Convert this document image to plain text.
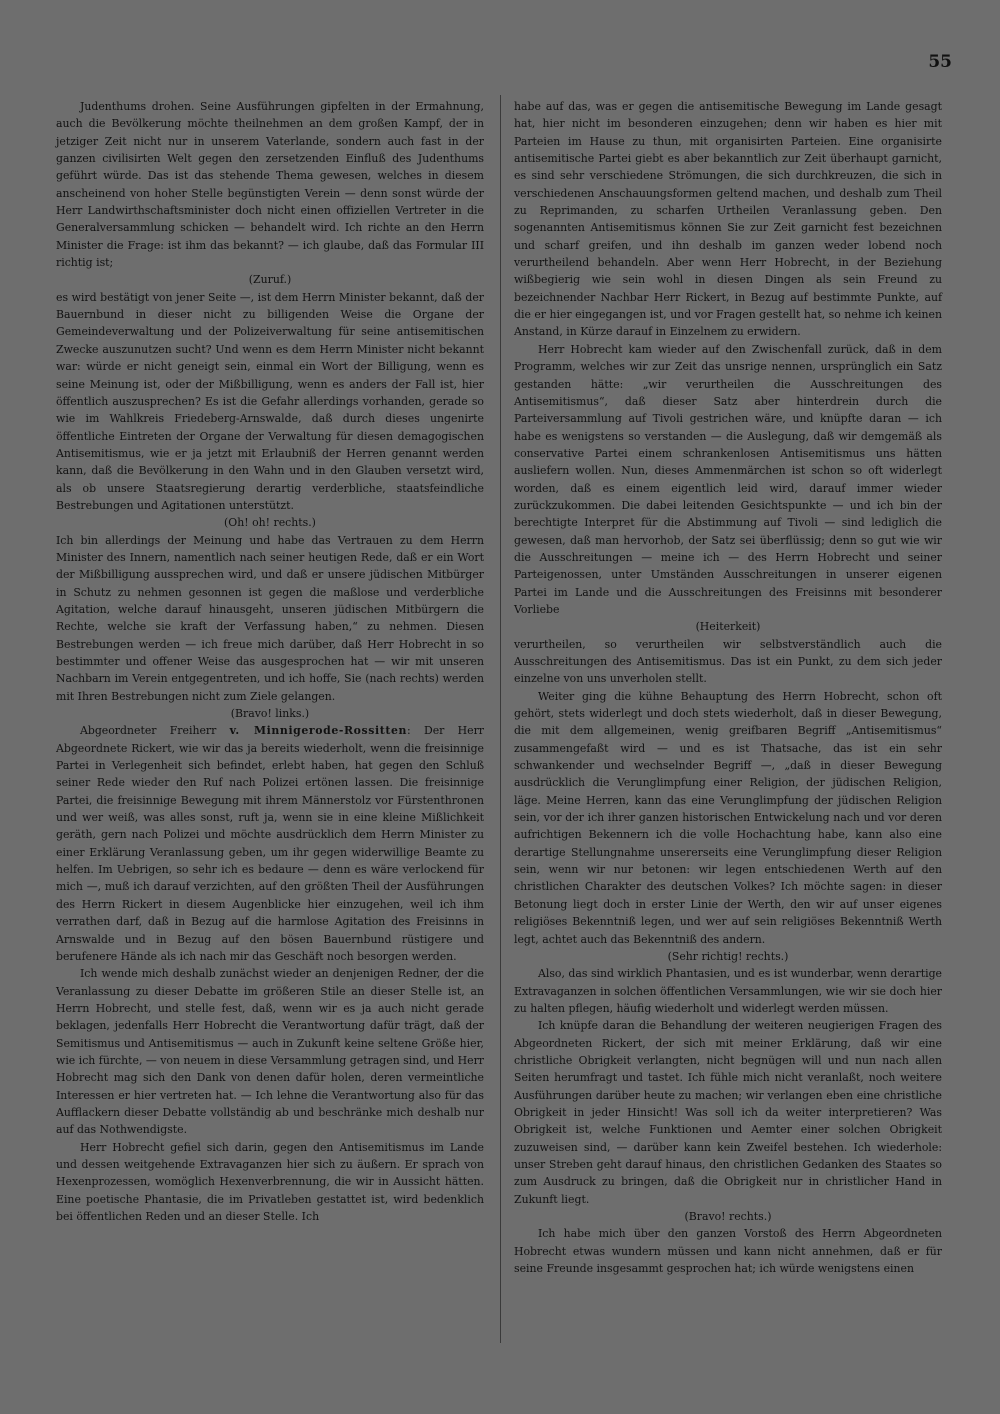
55

Judenthums drohen. Seine Ausführungen gipfelten in der Ermahnung, auch die Bevölkerung möchte theilnehmen an dem großen Kampf, der in jetziger Zeit nicht nur in unserem Vaterlande, sondern auch fast in der ganzen civilisirten Welt gegen den zersetzenden Einfluß des Judenthums geführt würde. Das ist das stehende Thema gewesen, welches in diesem anscheinend von hoher Stelle begünstigten Verein — denn sonst würde der Herr Landwirthschaftsminister doch nicht einen offiziellen Vertreter in die Generalversammlung schicken — behandelt wird. Ich richte an den Herrn Minister die Frage: ist ihm das bekannt? — ich glaube, daß das Formular III richtig ist;

(Zuruf.)

es wird bestätigt von jener Seite —, ist dem Herrn Minister bekannt, daß der Bauernbund in dieser nicht zu billigenden Weise die Organe der Gemeindeverwaltung und der Polizeiverwaltung für seine antisemitischen Zwecke auszunutzen sucht? Und wenn es dem Herrn Minister nicht bekannt war: würde er nicht geneigt sein, einmal ein Wort der Billigung, wenn es seine Meinung ist, oder der Mißbilligung, wenn es anders der Fall ist, hier öffentlich auszusprechen? Es ist die Gefahr allerdings vorhanden, gerade so wie im Wahlkreis Friedeberg-Arnswalde, daß durch dieses ungenirte öffentliche Eintreten der Organe der Verwaltung für diesen demagogischen Antisemitismus, wie er ja jetzt mit Erlaubniß der Herren genannt werden kann, daß die Bevölkerung in den Wahn und in den Glauben versetzt wird, als ob unsere Staatsregierung derartig verderbliche, staatsfeindliche Bestrebungen und Agitationen unterstützt.

(Oh! oh! rechts.)

Ich bin allerdings der Meinung und habe das Vertrauen zu dem Herrn Minister des Innern, namentlich nach seiner heutigen Rede, daß er ein Wort der Mißbilligung aussprechen wird, und daß er unsere jüdischen Mitbürger in Schutz zu nehmen gesonnen ist gegen die maßlose und verderbliche Agitation, welche darauf hinausgeht, unseren jüdischen Mitbürgern die Rechte, welche sie kraft der Verfassung haben,“ zu nehmen. Diesen Bestrebungen werden — ich freue mich darüber, daß Herr Hobrecht in so bestimmter und offener Weise das ausgesprochen hat — wir mit unseren Nachbarn im Verein entgegentreten, und ich hoffe, Sie (nach rechts) werden mit Ihren Bestrebungen nicht zum Ziele gelangen.

(Bravo! links.)

Abgeordneter Freiherr v. Minnigerode-Rossitten: Der Herr Abgeordnete Rickert, wie wir das ja bereits wiederholt, wenn die freisinnige Partei in Verlegenheit sich befindet, erlebt haben, hat gegen den Schluß seiner Rede wieder den Ruf nach Polizei ertönen lassen. Die freisinnige Partei, die freisinnige Bewegung mit ihrem Männerstolz vor Fürstenthronen und wer weiß, was alles sonst, ruft ja, wenn sie in eine kleine Mißlichkeit geräth, gern nach Polizei und möchte ausdrücklich dem Herrn Minister zu einer Erklärung Veranlassung geben, um ihr gegen widerwillige Beamte zu helfen. Im Uebrigen, so sehr ich es bedaure — denn es wäre verlockend für mich —, muß ich darauf verzichten, auf den größten Theil der Ausführungen des Herrn Rickert in diesem Augenblicke hier einzugehen, weil ich ihm verrathen darf, daß in Bezug auf die harmlose Agitation des Freisinns in Arnswalde und in Bezug auf den bösen Bauernbund rüstigere und berufenere Hände als ich nach mir das Geschäft noch besorgen werden.

Ich wende mich deshalb zunächst wieder an denjenigen Redner, der die Veranlassung zu dieser Debatte im größeren Stile an dieser Stelle ist, an Herrn Hobrecht, und stelle fest, daß, wenn wir es ja auch nicht gerade beklagen, jedenfalls Herr Hobrecht die Verantwortung dafür trägt, daß der Semitismus und Antisemitismus — auch in Zukunft keine seltene Größe hier, wie ich fürchte, — von neuem in diese Versammlung getragen sind, und Herr Hobrecht mag sich den Dank von denen dafür holen, deren vermeintliche Interessen er hier vertreten hat. — Ich lehne die Verantwortung also für das Aufflackern dieser Debatte vollständig ab und beschränke mich deshalb nur auf das Nothwendigste.

Herr Hobrecht gefiel sich darin, gegen den Antisemitismus im Lande und dessen weitgehende Extravaganzen hier sich zu äußern. Er sprach von Hexenprozessen, womöglich Hexenverbrennung, die wir in Aussicht hätten. Eine poetische Phantasie, die im Privatleben gestattet ist, wird bedenklich bei öffentlichen Reden und an dieser Stelle. Ich

habe auf das, was er gegen die antisemitische Bewegung im Lande gesagt hat, hier nicht im besonderen einzugehen; denn wir haben es hier mit Parteien im Hause zu thun, mit organisirten Parteien. Eine organisirte antisemitische Partei giebt es aber bekanntlich zur Zeit überhaupt garnicht, es sind sehr verschiedene Strömungen, die sich durchkreuzen, die sich in verschiedenen Anschauungsformen geltend machen, und deshalb zum Theil zu Reprimanden, zu scharfen Urtheilen Veranlassung geben. Den sogenannten Antisemitismus können Sie zur Zeit garnicht fest bezeichnen und scharf greifen, und ihn deshalb im ganzen weder lobend noch verurtheilend behandeln. Aber wenn Herr Hobrecht, in der Beziehung wißbegierig wie sein wohl in diesen Dingen als sein Freund zu bezeichnender Nachbar Herr Rickert, in Bezug auf bestimmte Punkte, auf die er hier eingegangen ist, und vor Fragen gestellt hat, so nehme ich keinen Anstand, in Kürze darauf in Einzelnem zu erwidern.

Herr Hobrecht kam wieder auf den Zwischenfall zurück, daß in dem Programm, welches wir zur Zeit das unsrige nennen, ursprünglich ein Satz gestanden hätte: „wir verurtheilen die Ausschreitungen des Antisemitismus“, daß dieser Satz aber hinterdrein durch die Parteiversammlung auf Tivoli gestrichen wäre, und knüpfte daran — ich habe es wenigstens so verstanden — die Auslegung, daß wir demgemäß als conservative Partei einem schrankenlosen Antisemitismus uns hätten ausliefern wollen. Nun, dieses Ammenmärchen ist schon so oft widerlegt worden, daß es einem eigentlich leid wird, darauf immer wieder zurückzukommen. Die dabei leitenden Gesichtspunkte — und ich bin der berechtigte Interpret für die Abstimmung auf Tivoli — sind lediglich die gewesen, daß man hervorhob, der Satz sei überflüssig; denn so gut wie wir die Ausschreitungen — meine ich — des Herrn Hobrecht und seiner Parteigenossen, unter Umständen Ausschreitungen in unserer eigenen Partei im Lande und die Ausschreitungen des Freisinns mit besonderer Vorliebe

(Heiterkeit)

verurtheilen, so verurtheilen wir selbstverständlich auch die Ausschreitungen des Antisemitismus. Das ist ein Punkt, zu dem sich jeder einzelne von uns unverholen stellt.

Weiter ging die kühne Behauptung des Herrn Hobrecht, schon oft gehört, stets widerlegt und doch stets wiederholt, daß in dieser Bewegung, die mit dem allgemeinen, wenig greifbaren Begriff „Antisemitismus“ zusammengefaßt wird — und es ist Thatsache, das ist ein sehr schwankender und wechselnder Begriff —, „daß in dieser Bewegung ausdrücklich die Verunglimpfung einer Religion, der jüdischen Religion, läge. Meine Herren, kann das eine Verunglimpfung der jüdischen Religion sein, vor der ich ihrer ganzen historischen Entwickelung nach und vor deren aufrichtigen Bekennern ich die volle Hochachtung habe, kann also eine derartige Stellungnahme unsererseits eine Verunglimpfung dieser Religion sein, wenn wir nur betonen: wir legen entschiedenen Werth auf den christlichen Charakter des deutschen Volkes? Ich möchte sagen: in dieser Betonung liegt doch in erster Linie der Werth, den wir auf unser eigenes religiöses Bekenntniß legen, und wer auf sein religiöses Bekenntniß Werth legt, achtet auch das Bekenntniß des andern.

(Sehr richtig! rechts.)

Also, das sind wirklich Phantasien, und es ist wunderbar, wenn derartige Extravaganzen in solchen öffentlichen Versammlungen, wie wir sie doch hier zu halten pflegen, häufig wiederholt und widerlegt werden müssen.

Ich knüpfe daran die Behandlung der weiteren neugierigen Fragen des Abgeordneten Rickert, der sich mit meiner Erklärung, daß wir eine christliche Obrigkeit verlangten, nicht begnügen will und nun nach allen Seiten herumfragt und tastet. Ich fühle mich nicht veranlaßt, noch weitere Ausführungen darüber heute zu machen; wir verlangen eben eine christliche Obrigkeit in jeder Hinsicht! Was soll ich da weiter interpretieren? Was Obrigkeit ist, welche Funktionen und Aemter einer solchen Obrigkeit zuzuweisen sind, — darüber kann kein Zweifel bestehen. Ich wiederhole: unser Streben geht darauf hinaus, den christlichen Gedanken des Staates so zum Ausdruck zu bringen, daß die Obrigkeit nur in christlicher Hand in Zukunft liegt.

(Bravo! rechts.)

Ich habe mich über den ganzen Vorstoß des Herrn Abgeordneten Hobrecht etwas wundern müssen und kann nicht annehmen, daß er für seine Freunde insgesammt gesprochen hat; ich würde wenigstens einen
